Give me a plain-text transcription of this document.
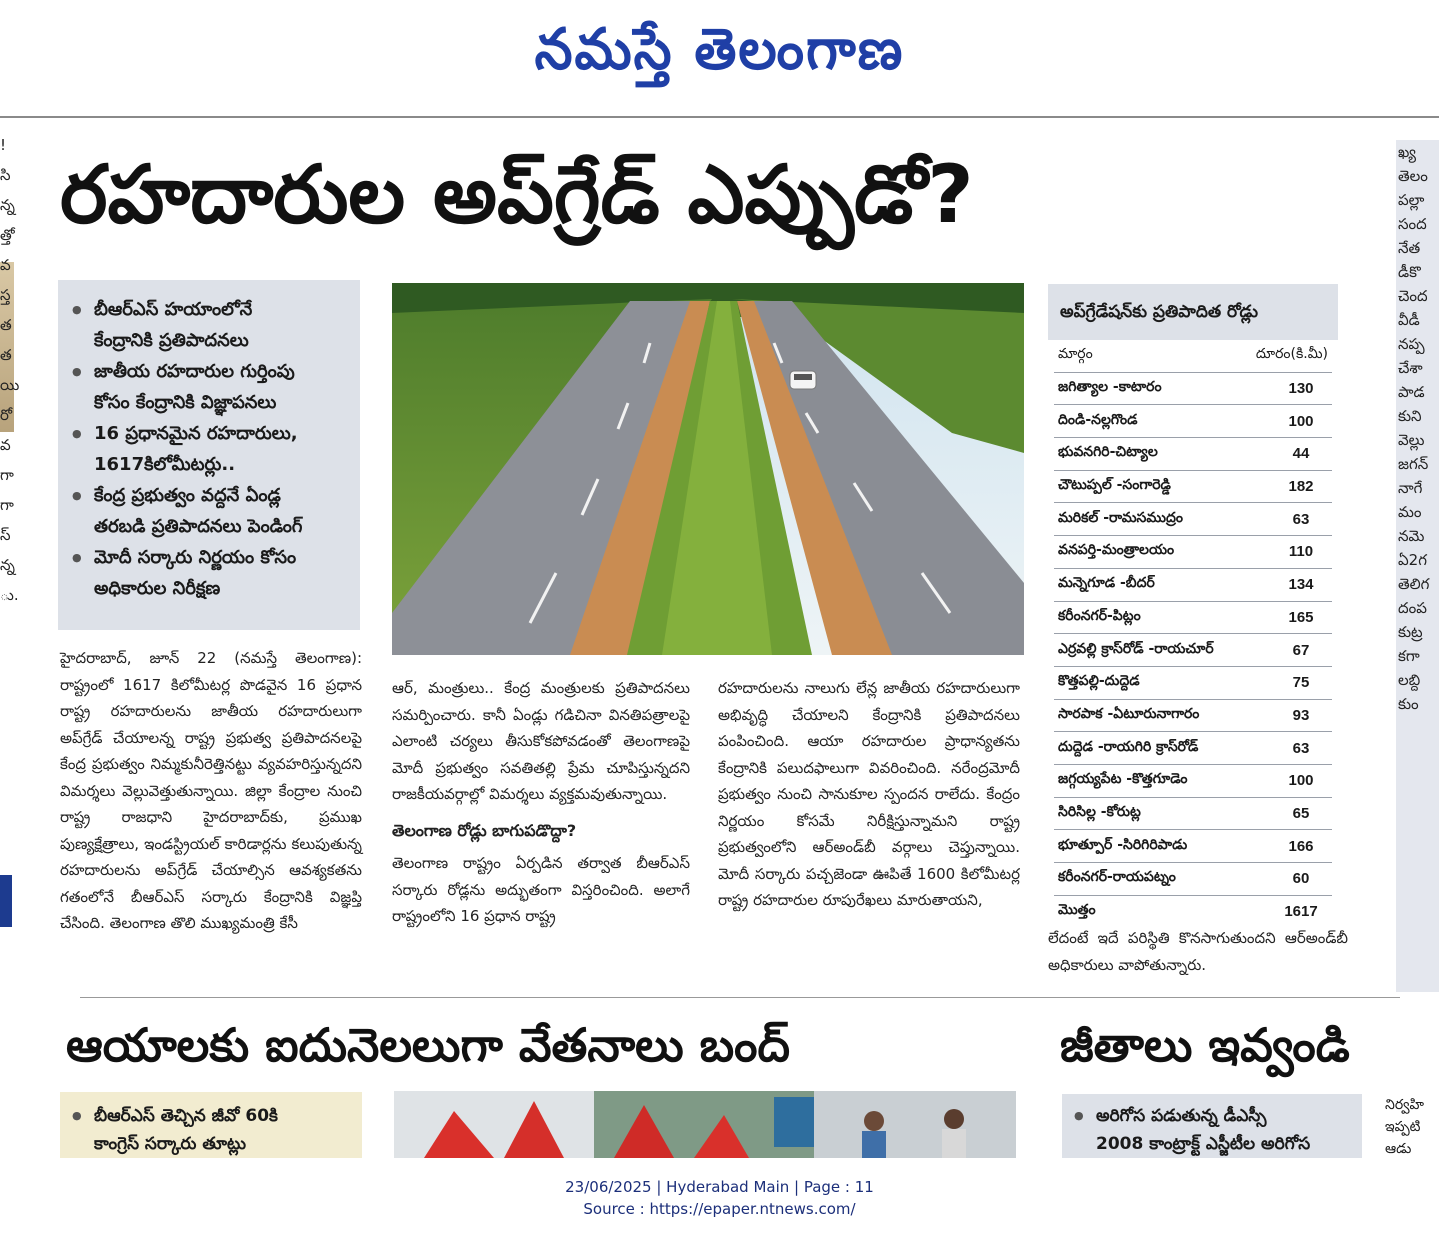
నమస్తే తెలంగాణ
!
సి
న్న
త్తో
వ
స్త
త
త
యి
రో
వ
గా
గా
స్
న్న
ు.
రహదారుల అప్‌గ్రేడ్ ఎప్పుడో?	ఖ్య
తెలం
పల్లా
సంద
నేత
డీకొ
చెంద
వీడీ
నప్ప
చేశా
పాడ
కుని
వెల్లు
జగన్
నాగే
మం
నమె
ఏ2గ
తెలిగ
దంప
కుట్ర
కగా
లబ్ది
కుం
● బీఆర్‌ఎస్ హయాంలోనే
కేంద్రానికి ప్రతిపాదనలు
● జాతీయ రహదారుల గుర్తింపు
కోసం కేంద్రానికి విజ్ఞాపనలు
● 16 ప్రధానమైన రహదారులు,
1617కిలోమీటర్లు..
● కేంద్ర ప్రభుత్వం వద్దనే ఏండ్ల
తరబడి ప్రతిపాదనలు పెండింగ్
● మోదీ సర్కారు నిర్ణయం కోసం
అధికారుల నిరీక్షణ

హైదరాబాద్, జూన్ 22 (నమస్తే తెలంగాణ): రాష్ట్రంలో 1617 కిలోమీటర్ల పొడవైన 16 ప్రధాన రాష్ట్ర రహదారులను జాతీయ రహదారులుగా అప్‌గ్రేడ్ చేయాలన్న రాష్ట్ర ప్రభుత్వ ప్రతిపాదనలపై కేంద్ర ప్రభుత్వం నిమ్మకునీరెత్తినట్టు వ్యవహరిస్తున్నదని విమర్శలు వెల్లువెత్తుతున్నాయి. జిల్లా కేంద్రాల నుంచి రాష్ట్ర రాజధాని హైదరాబాద్‌కు, ప్రముఖ పుణ్యక్షేత్రాలు, ఇండస్ట్రియల్ కారిడార్లను కలుపుతున్న రహదారులను అప్‌గ్రేడ్ చేయాల్సిన ఆవశ్యకతను గతంలోనే బీఆర్‌ఎస్ సర్కారు కేంద్రానికి విజ్ఞప్తి చేసింది. తెలంగాణ తొలి ముఖ్యమంత్రి కేసీ

ఆర్, మంత్రులు.. కేంద్ర మంత్రులకు ప్రతిపాదనలు సమర్పించారు. కానీ ఏండ్లు గడిచినా వినతిపత్రాలపై ఎలాంటి చర్యలు తీసుకోకపోవడంతో తెలంగాణపై మోదీ ప్రభుత్వం సవతితల్లి ప్రేమ చూపిస్తున్నదని రాజకీయవర్గాల్లో విమర్శలు వ్యక్తమవుతున్నాయి.

తెలంగాణ రోడ్లు బాగుపడొద్దా?

తెలంగాణ రాష్ట్రం ఏర్పడిన తర్వాత బీఆర్‌ఎస్ సర్కారు రోడ్లను అద్భుతంగా విస్తరించింది. అలాగే రాష్ట్రంలోని 16 ప్రధాన రాష్ట్ర

రహదారులను నాలుగు లేన్ల జాతీయ రహదారులుగా అభివృద్ధి చేయాలని కేంద్రానికి ప్రతిపాదనలు పంపించింది. ఆయా రహదారుల ప్రాధాన్యతను కేంద్రానికి పలుదఫాలుగా వివరించింది. నరేంద్రమోదీ ప్రభుత్వం నుంచి సానుకూల స్పందన రాలేదు. కేంద్రం నిర్ణయం కోసమే నిరీక్షిస్తున్నామని రాష్ట్ర ప్రభుత్వంలోని ఆర్‌అండ్‌బీ వర్గాలు చెప్తున్నాయి. మోదీ సర్కారు పచ్చజెండా ఊపితే 1600 కిలోమీటర్ల రాష్ట్ర రహదారుల రూపురేఖలు మారుతాయని,

అప్‌గ్రేడేషన్‌కు ప్రతిపాదిత రోడ్లు
మార్గం	దూరం(కి.మీ)
జగిత్యాల -కాటారం	130
దిండి-నల్లగొండ	100
భువనగిరి-చిట్యాల	44
చౌటుప్పల్ -సంగారెడ్డి	182
మరికల్ -రామసముద్రం	63
వనపర్తి-మంత్రాలయం	110
మన్నెగూడ -బీదర్	134
కరీంనగర్-పిట్లం	165
ఎర్రవల్లి క్రాస్‌రోడ్ -రాయచూర్	67
కొత్తపల్లి-దుద్దెడ	75
సారపాక -ఏటూరునాగారం	93
దుద్దెడ -రాయగిరి క్రాస్‌రోడ్	63
జగ్గయ్యపేట -కొత్తగూడెం	100
సిరిసిల్ల -కోరుట్ల	65
భూత్పూర్ -సిరిగిరిపాడు	166
కరీంనగర్-రాయపట్నం	60
మొత్తం	1617

లేదంటే ఇదే పరిస్థితి కొనసాగుతుందని ఆర్‌అండ్‌బీ అధికారులు వాపోతున్నారు.

ఆయాలకు ఐదునెలలుగా వేతనాలు బంద్	జీతాలు ఇవ్వండి
● బీఆర్‌ఎస్ తెచ్చిన జీవో 60కి
కాంగ్రెస్ సర్కారు తూట్లు
● అరిగోస పడుతున్న డీఎస్సీ
2008 కాంట్రాక్ట్ ఎస్జీటీల అరిగోస
నిర్వహి
ఇప్పటి
ఆడు
23/06/2025 | Hyderabad Main | Page : 11
Source : https://epaper.ntnews.com/
